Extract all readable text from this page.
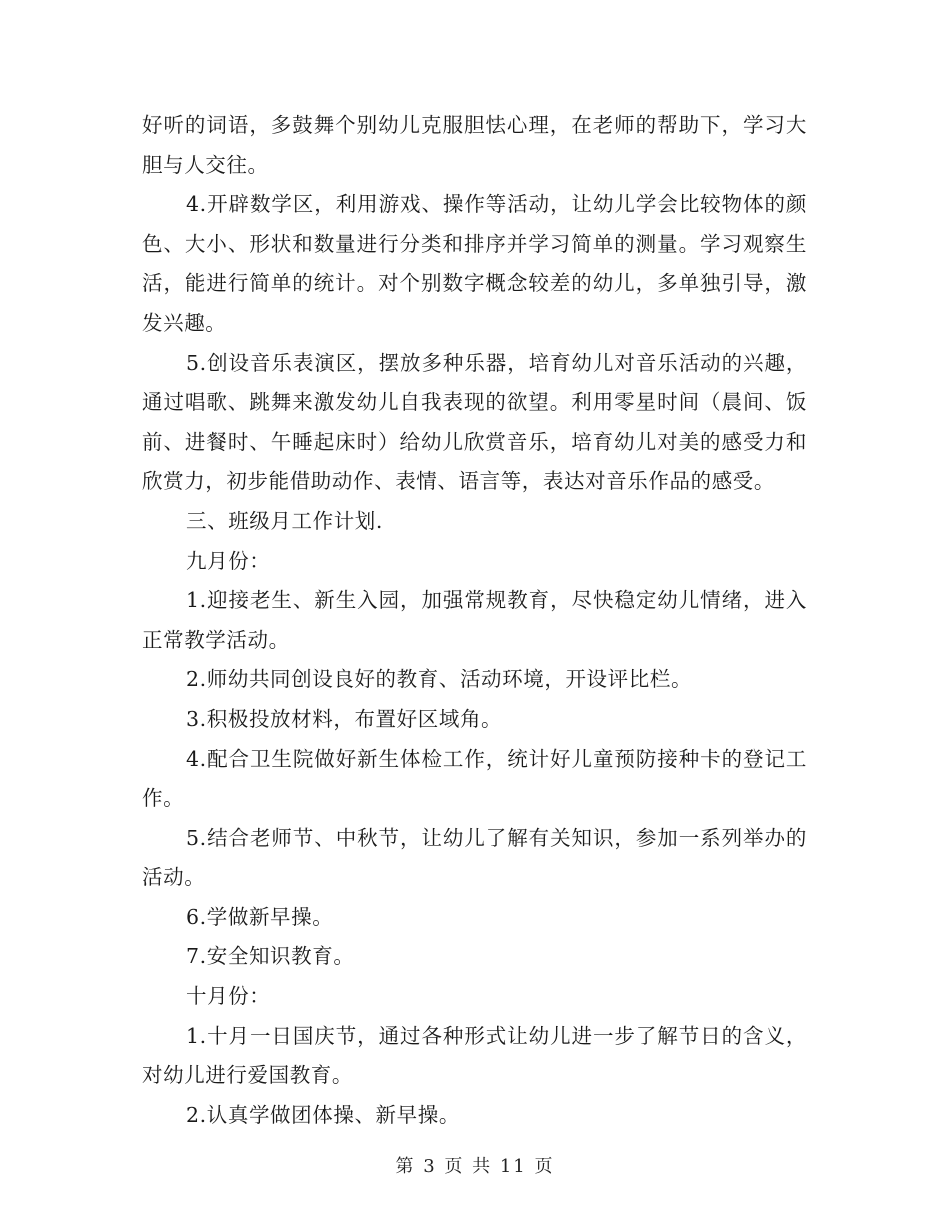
好听的词语，多鼓舞个别幼儿克服胆怯心理，在老师的帮助下，学习大胆与人交往。

4.开辟数学区，利用游戏、操作等活动，让幼儿学会比较物体的颜色、大小、形状和数量进行分类和排序并学习简单的测量。学习观察生活，能进行简单的统计。对个别数字概念较差的幼儿，多单独引导，激发兴趣。

5.创设音乐表演区，摆放多种乐器，培育幼儿对音乐活动的兴趣，通过唱歌、跳舞来激发幼儿自我表现的欲望。利用零星时间（晨间、饭前、进餐时、午睡起床时）给幼儿欣赏音乐，培育幼儿对美的感受力和欣赏力，初步能借助动作、表情、语言等，表达对音乐作品的感受。

三、班级月工作计划.

九月份：

1.迎接老生、新生入园，加强常规教育，尽快稳定幼儿情绪，进入正常教学活动。

2.师幼共同创设良好的教育、活动环境，开设评比栏。

3.积极投放材料，布置好区域角。

4.配合卫生院做好新生体检工作，统计好儿童预防接种卡的登记工作。

5.结合老师节、中秋节，让幼儿了解有关知识，参加一系列举办的活动。

6.学做新早操。

7.安全知识教育。

十月份：

1.十月一日国庆节，通过各种形式让幼儿进一步了解节日的含义，对幼儿进行爱国教育。

2.认真学做团体操、新早操。

第 3 页 共 11 页
